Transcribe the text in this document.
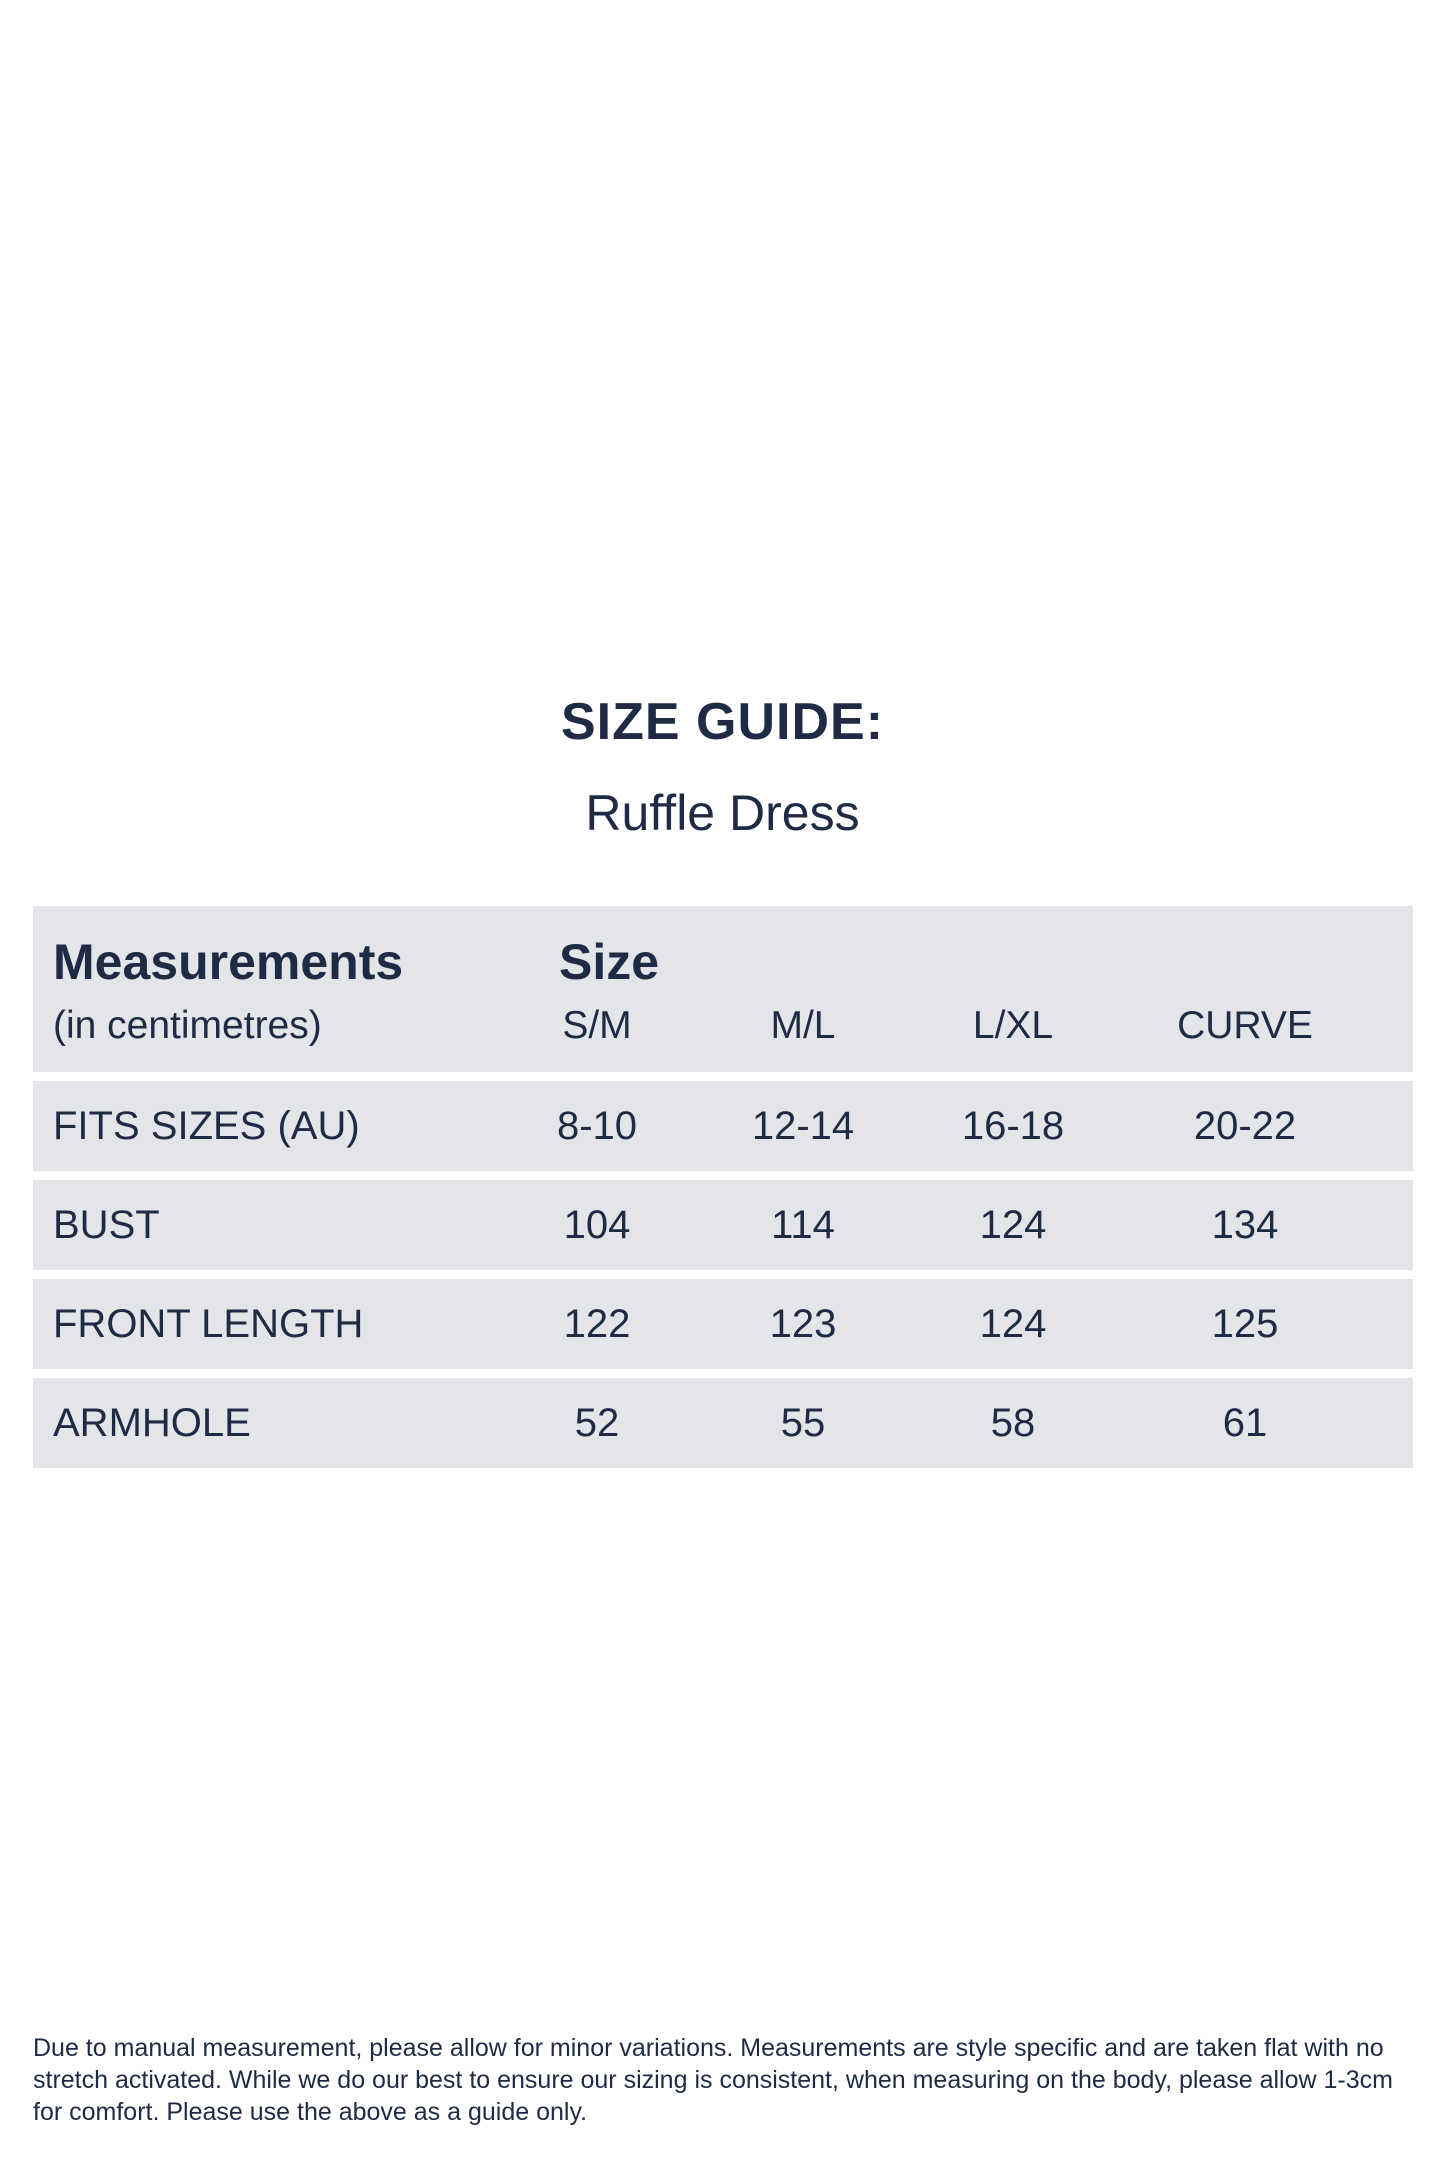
SIZE GUIDE:
Ruffle Dress
Measurements
(in centimetres)
Size
S/M	M/L	L/XL	CURVE
FITS SIZES (AU)	8-10	12-14	16-18	20-22
BUST	104	114	124	134
FRONT LENGTH	122	123	124	125
ARMHOLE	52	55	58	61
Due to manual measurement, please allow for minor variations. Measurements are style specific and are taken flat with no stretch activated. While we do our best to ensure our sizing is consistent, when measuring on the body, please allow 1-3cm for comfort. Please use the above as a guide only.
